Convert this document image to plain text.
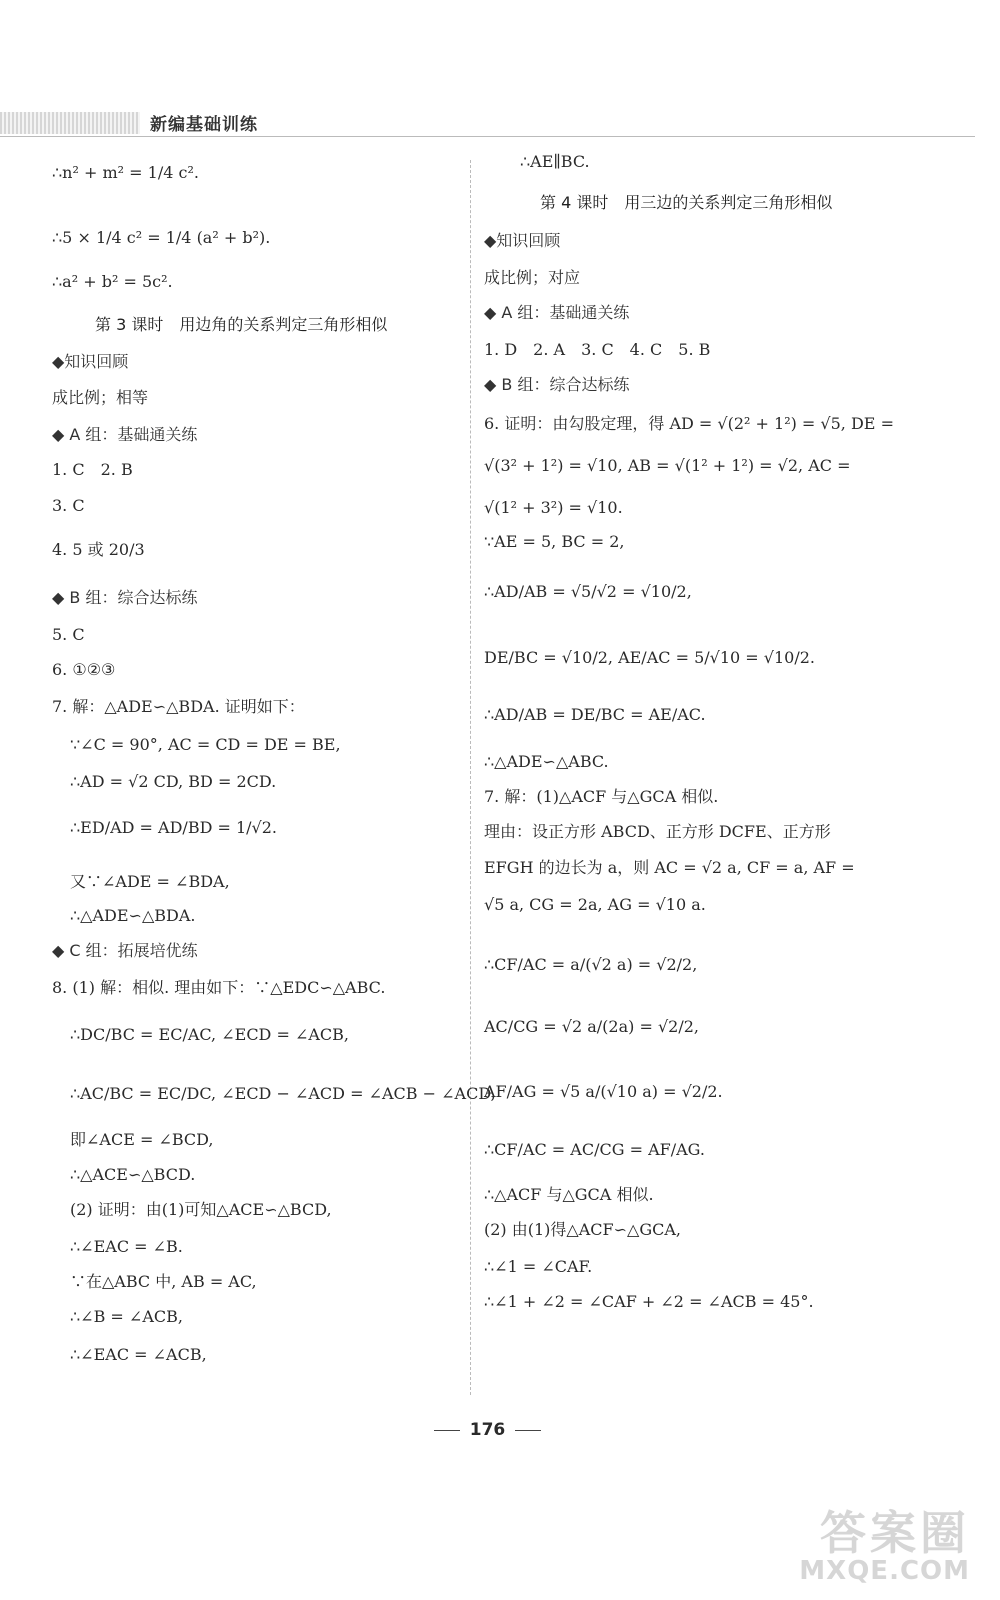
新编基础训练
∴n² + m² = 1/4 c².
∴5 × 1/4 c² = 1/4 (a² + b²).
∴a² + b² = 5c².
第 3 课时　用边角的关系判定三角形相似
◆知识回顾
成比例；相等
◆ A 组：基础通关练
1. C　2. B
3. C
4. 5 或 20/3
◆ B 组：综合达标练
5. C
6. ①②③
7. 解：△ADE∽△BDA. 证明如下：
∵∠C = 90°, AC = CD = DE = BE,
∴AD = √2 CD, BD = 2CD.
∴ED/AD = AD/BD = 1/√2.
又∵∠ADE = ∠BDA,
∴△ADE∽△BDA.
◆ C 组：拓展培优练
8. (1) 解：相似. 理由如下：∵△EDC∽△ABC.
∴DC/BC = EC/AC, ∠ECD = ∠ACB,
∴AC/BC = EC/DC, ∠ECD − ∠ACD = ∠ACB − ∠ACD,
即∠ACE = ∠BCD,
∴△ACE∽△BCD.
(2) 证明：由(1)可知△ACE∽△BCD,
∴∠EAC = ∠B.
∵在△ABC 中, AB = AC,
∴∠B = ∠ACB,
∴∠EAC = ∠ACB,
∴AE∥BC.
第 4 课时　用三边的关系判定三角形相似
◆知识回顾
成比例；对应
◆ A 组：基础通关练
1. D　2. A　3. C　4. C　5. B
◆ B 组：综合达标练
6. 证明：由勾股定理，得 AD = √(2² + 1²) = √5, DE =
√(3² + 1²) = √10, AB = √(1² + 1²) = √2, AC =
√(1² + 3²) = √10.
∵AE = 5, BC = 2,
∴AD/AB = √5/√2 = √10/2,
DE/BC = √10/2, AE/AC = 5/√10 = √10/2.
∴AD/AB = DE/BC = AE/AC.
∴△ADE∽△ABC.
7. 解：(1)△ACF 与△GCA 相似.
理由：设正方形 ABCD、正方形 DCFE、正方形
EFGH 的边长为 a，则 AC = √2 a, CF = a, AF =
√5 a, CG = 2a, AG = √10 a.
∴CF/AC = a/(√2 a) = √2/2,
AC/CG = √2 a/(2a) = √2/2,
AF/AG = √5 a/(√10 a) = √2/2.
∴CF/AC = AC/CG = AF/AG.
∴△ACF 与△GCA 相似.
(2) 由(1)得△ACF∽△GCA,
∴∠1 = ∠CAF.
∴∠1 + ∠2 = ∠CAF + ∠2 = ∠ACB = 45°.
176
答案圈
MXQE.COM
